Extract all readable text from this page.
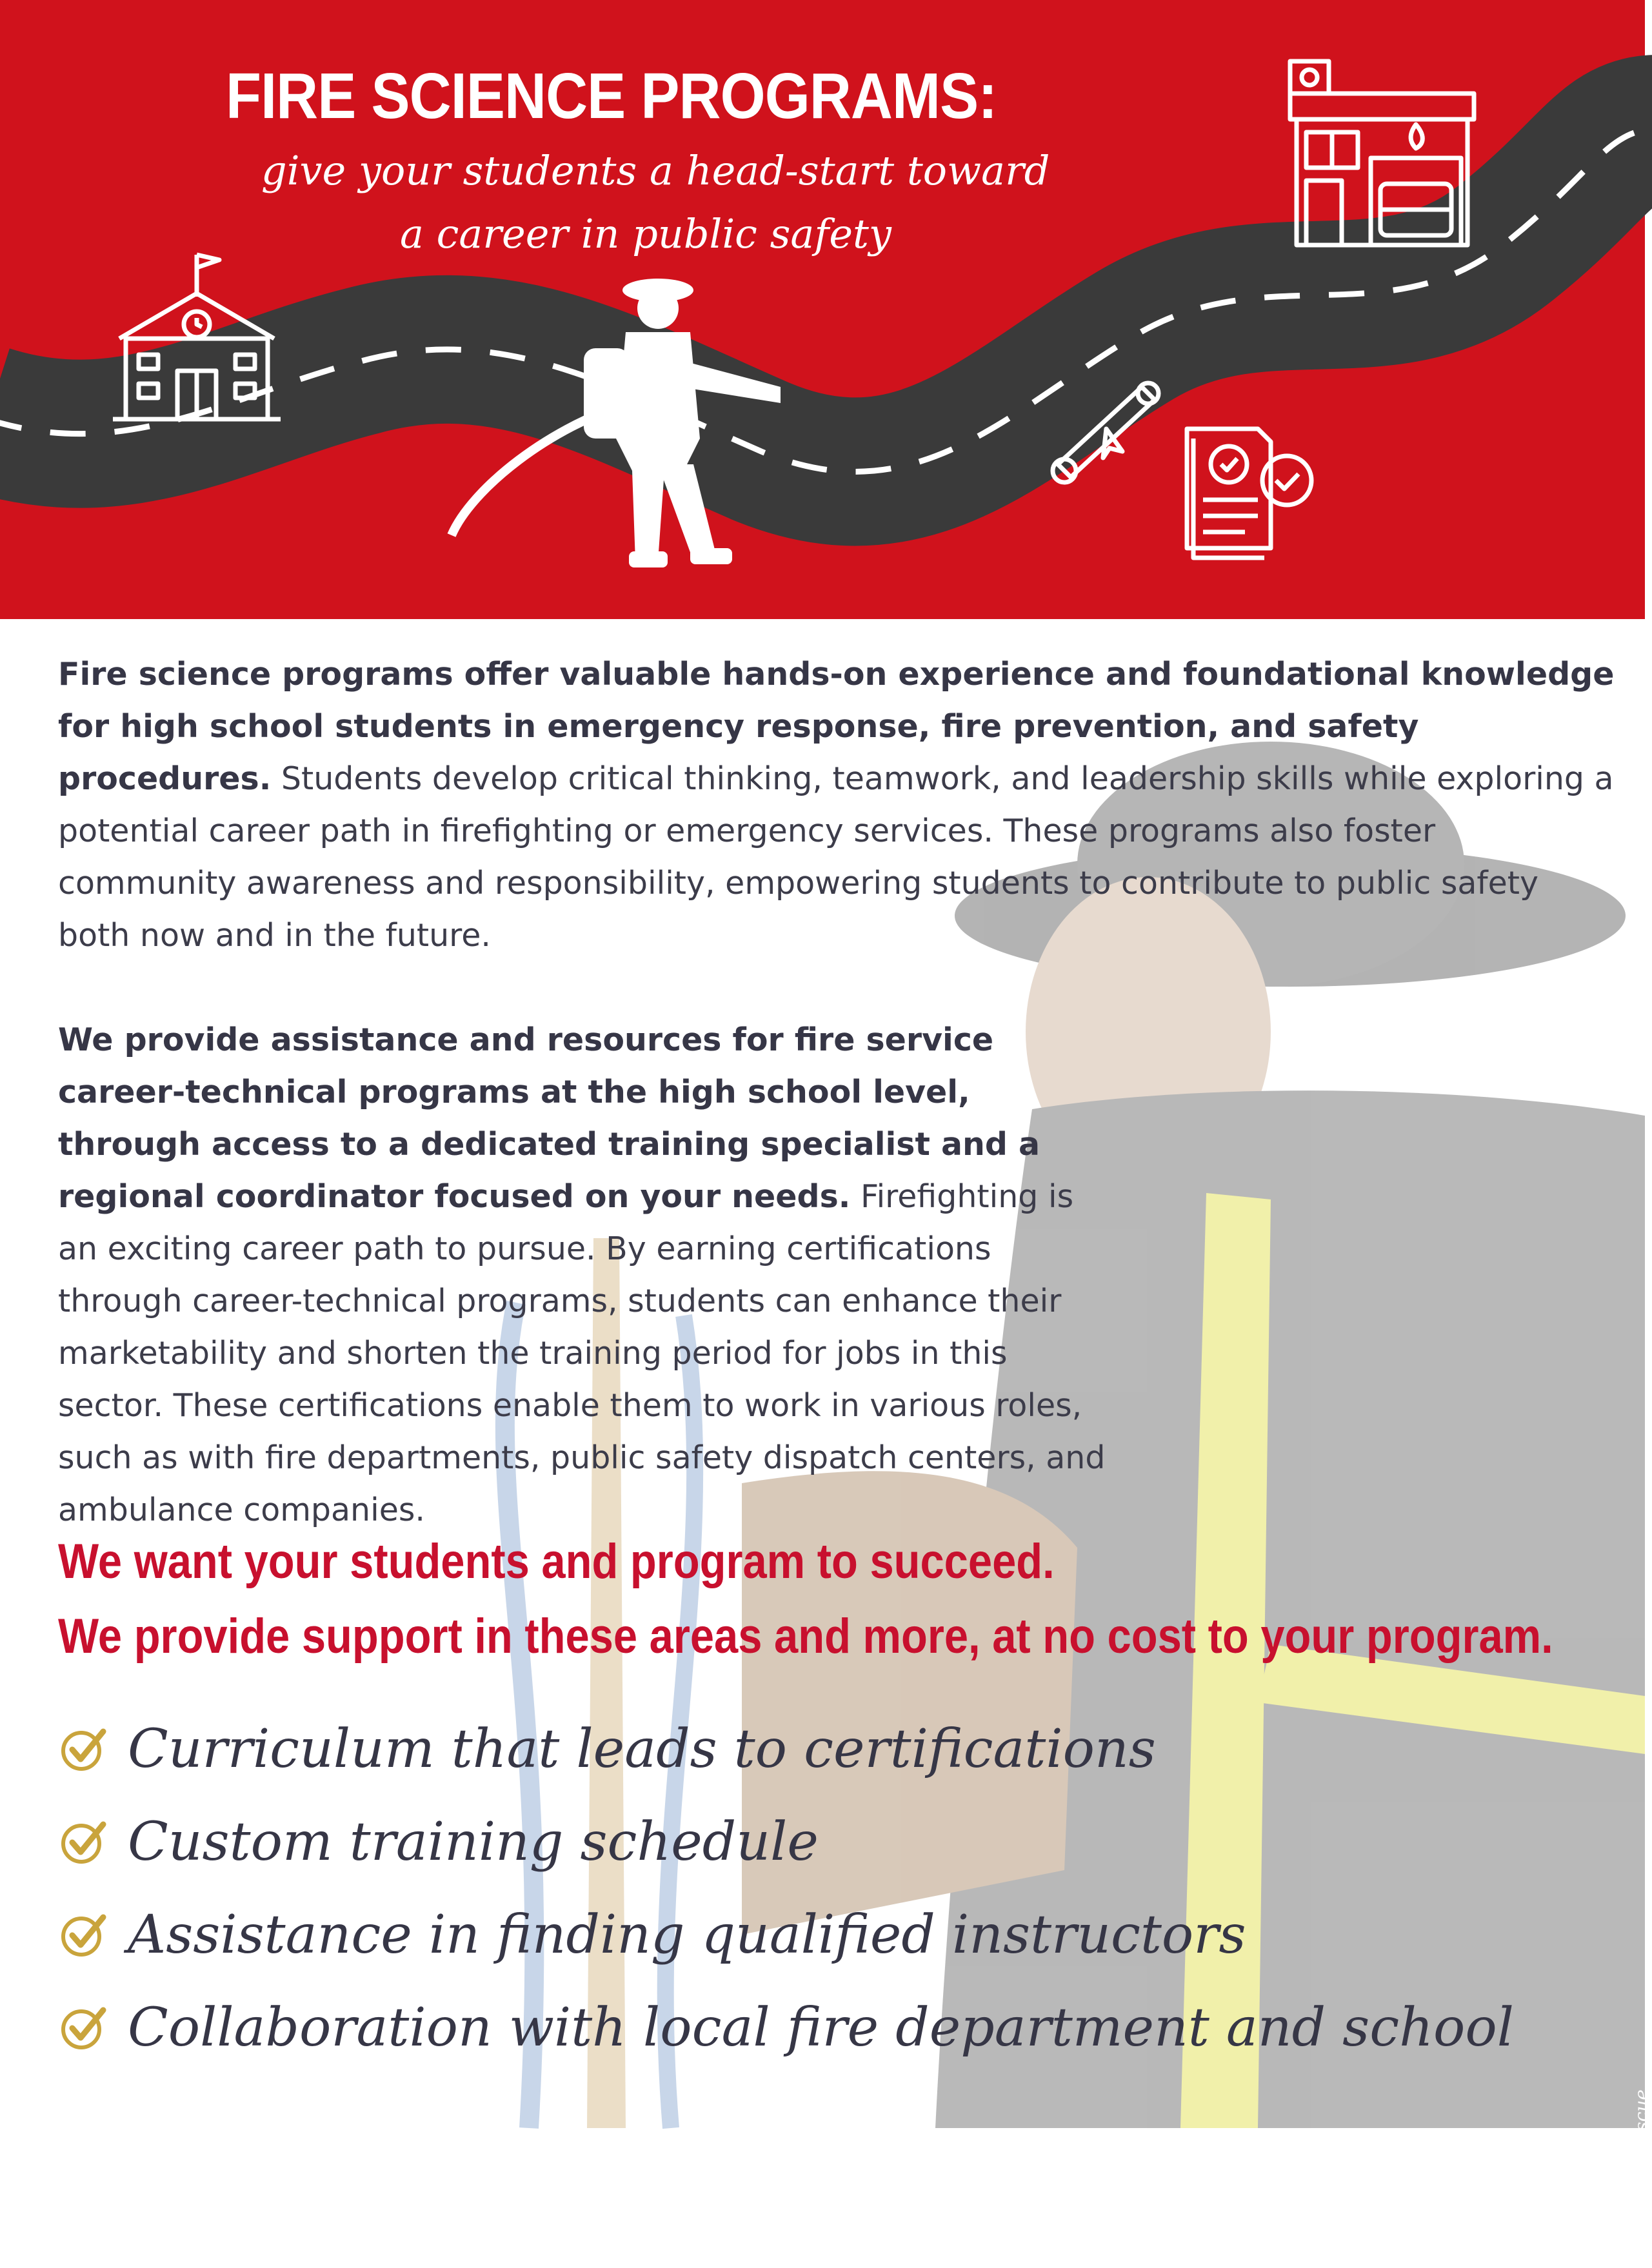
FIRE SCIENCE PROGRAMS:
give your students a head-start toward
a career in public safety

Fire science programs offer valuable hands-on experience and foundational knowledge for high school students in emergency response, fire prevention, and safety procedures. Students develop critical thinking, teamwork, and leadership skills while exploring a potential career path in firefighting or emergency services. These programs also foster community awareness and responsibility, empowering students to contribute to public safety both now and in the future.

We provide assistance and resources for fire service career-technical programs at the high school level, through access to a dedicated training specialist and a regional coordinator focused on your needs. Firefighting is an exciting career path to pursue. By earning certifications through career-technical programs, students can enhance their marketability and shorten the training period for jobs in this sector. These certifications enable them to work in various roles, such as with fire departments, public safety dispatch centers, and ambulance companies.

We want your students and program to succeed.
We provide support in these areas and more, at no cost to your program.
Curriculum that leads to certifications
Custom training schedule
Assistance in finding qualified instructors
Collaboration with local fire department and school
Mobile Fire-Rescue
